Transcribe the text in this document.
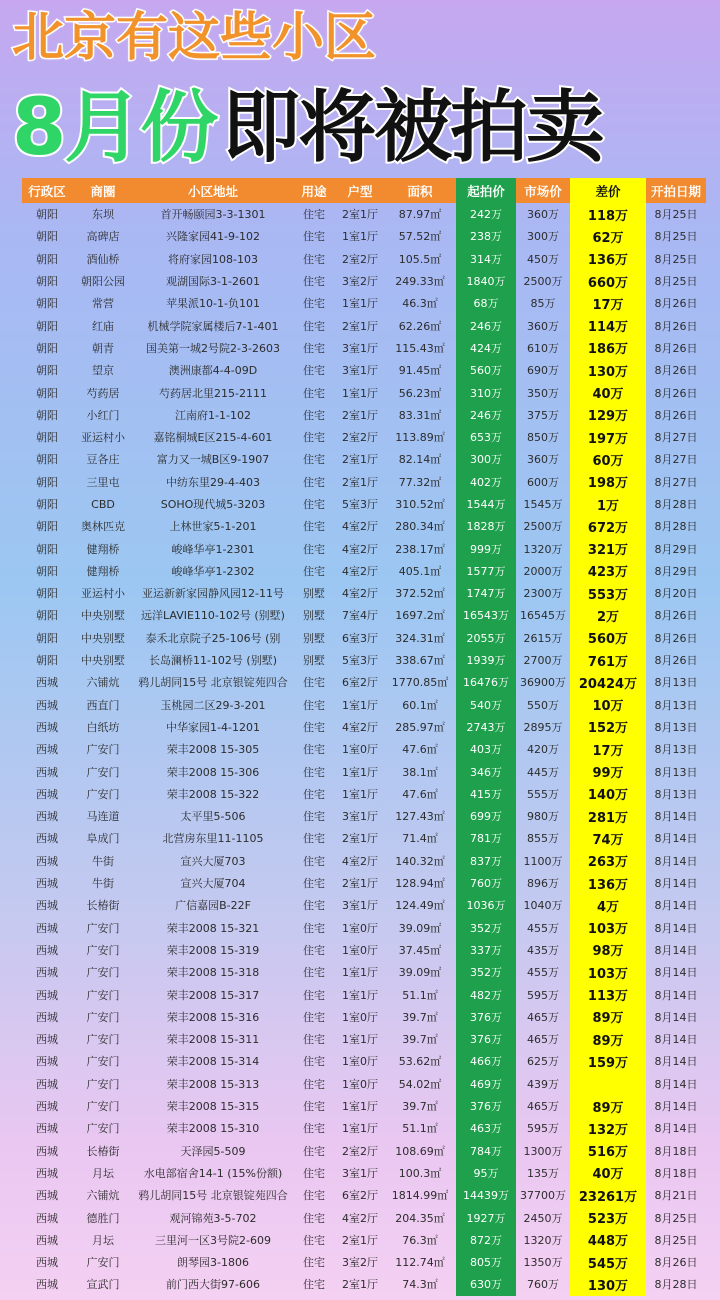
北京有这些小区
8月份 即将被拍卖
行政区	商圈	小区地址	用途	户型	面积	起拍价	市场价	差价	开拍日期
朝阳	东坝	首开畅颐园3-3-1301	住宅	2室1厅	87.97㎡	242万	360万	118万	8月25日
朝阳	高碑店	兴隆家园41-9-102	住宅	1室1厅	57.52㎡	238万	300万	62万	8月25日
朝阳	酒仙桥	将府家园108-103	住宅	2室2厅	105.5㎡	314万	450万	136万	8月25日
朝阳	朝阳公园	观湖国际3-1-2601	住宅	3室2厅	249.33㎡	1840万	2500万	660万	8月25日
朝阳	常营	苹果派10-1-负101	住宅	1室1厅	46.3㎡	68万	85万	17万	8月26日
朝阳	红庙	机械学院家属楼后7-1-401	住宅	2室1厅	62.26㎡	246万	360万	114万	8月26日
朝阳	朝青	国美第一城2号院2-3-2603	住宅	3室1厅	115.43㎡	424万	610万	186万	8月26日
朝阳	望京	澳洲康都4-4-09D	住宅	3室1厅	91.45㎡	560万	690万	130万	8月26日
朝阳	芍药居	芍药居北里215-2111	住宅	1室1厅	56.23㎡	310万	350万	40万	8月26日
朝阳	小红门	江南府1-1-102	住宅	2室1厅	83.31㎡	246万	375万	129万	8月26日
朝阳	亚运村小	嘉铭桐城E区215-4-601	住宅	2室2厅	113.89㎡	653万	850万	197万	8月27日
朝阳	豆各庄	富力又一城B区9-1907	住宅	2室1厅	82.14㎡	300万	360万	60万	8月27日
朝阳	三里屯	中纺东里29-4-403	住宅	2室1厅	77.32㎡	402万	600万	198万	8月27日
朝阳	CBD	SOHO现代城5-3203	住宅	5室3厅	310.52㎡	1544万	1545万	1万	8月28日
朝阳	奥林匹克	上林世家5-1-201	住宅	4室2厅	280.34㎡	1828万	2500万	672万	8月28日
朝阳	健翔桥	峻峰华亭1-2301	住宅	4室2厅	238.17㎡	999万	1320万	321万	8月29日
朝阳	健翔桥	峻峰华亭1-2302	住宅	4室2厅	405.1㎡	1577万	2000万	423万	8月29日
朝阳	亚运村小	亚运新新家园静风园12-11号	别墅	4室2厅	372.52㎡	1747万	2300万	553万	8月20日
朝阳	中央别墅	远洋LAVIE110-102号 (别墅)	别墅	7室4厅	1697.2㎡	16543万	16545万	2万	8月26日
朝阳	中央别墅	泰禾北京院子25-106号 (别	别墅	6室3厅	324.31㎡	2055万	2615万	560万	8月26日
朝阳	中央别墅	长岛澜桥11-102号 (别墅)	别墅	5室3厅	338.67㎡	1939万	2700万	761万	8月26日
西城	六铺炕	鸦儿胡同15号 北京银锭苑四合	住宅	6室2厅	1770.85㎡	16476万	36900万	20424万	8月13日
西城	西直门	玉桃园二区29-3-201	住宅	1室1厅	60.1㎡	540万	550万	10万	8月13日
西城	白纸坊	中华家园1-4-1201	住宅	4室2厅	285.97㎡	2743万	2895万	152万	8月13日
西城	广安门	荣丰2008 15-305	住宅	1室0厅	47.6㎡	403万	420万	17万	8月13日
西城	广安门	荣丰2008 15-306	住宅	1室1厅	38.1㎡	346万	445万	99万	8月13日
西城	广安门	荣丰2008 15-322	住宅	1室1厅	47.6㎡	415万	555万	140万	8月13日
西城	马连道	太平里5-506	住宅	3室1厅	127.43㎡	699万	980万	281万	8月14日
西城	阜成门	北营房东里11-1105	住宅	2室1厅	71.4㎡	781万	855万	74万	8月14日
西城	牛街	宣兴大厦703	住宅	4室2厅	140.32㎡	837万	1100万	263万	8月14日
西城	牛街	宣兴大厦704	住宅	2室1厅	128.94㎡	760万	896万	136万	8月14日
西城	长椿街	广信嘉园B-22F	住宅	3室1厅	124.49㎡	1036万	1040万	4万	8月14日
西城	广安门	荣丰2008 15-321	住宅	1室0厅	39.09㎡	352万	455万	103万	8月14日
西城	广安门	荣丰2008 15-319	住宅	1室0厅	37.45㎡	337万	435万	98万	8月14日
西城	广安门	荣丰2008 15-318	住宅	1室1厅	39.09㎡	352万	455万	103万	8月14日
西城	广安门	荣丰2008 15-317	住宅	1室1厅	51.1㎡	482万	595万	113万	8月14日
西城	广安门	荣丰2008 15-316	住宅	1室0厅	39.7㎡	376万	465万	89万	8月14日
西城	广安门	荣丰2008 15-311	住宅	1室1厅	39.7㎡	376万	465万	89万	8月14日
西城	广安门	荣丰2008 15-314	住宅	1室0厅	53.62㎡	466万	625万	159万	8月14日
西城	广安门	荣丰2008 15-313	住宅	1室0厅	54.02㎡	469万	439万		8月14日
西城	广安门	荣丰2008 15-315	住宅	1室1厅	39.7㎡	376万	465万	89万	8月14日
西城	广安门	荣丰2008 15-310	住宅	1室1厅	51.1㎡	463万	595万	132万	8月14日
西城	长椿街	天泽园5-509	住宅	2室2厅	108.69㎡	784万	1300万	516万	8月18日
西城	月坛	水电部宿舍14-1 (15%份额)	住宅	3室1厅	100.3㎡	95万	135万	40万	8月18日
西城	六铺炕	鸦儿胡同15号 北京银锭苑四合	住宅	6室2厅	1814.99㎡	14439万	37700万	23261万	8月21日
西城	德胜门	观河锦苑3-5-702	住宅	4室2厅	204.35㎡	1927万	2450万	523万	8月25日
西城	月坛	三里河一区3号院2-609	住宅	2室1厅	76.3㎡	872万	1320万	448万	8月25日
西城	广安门	朗琴园3-1806	住宅	3室2厅	112.74㎡	805万	1350万	545万	8月26日
西城	宣武门	前门西大街97-606	住宅	2室1厅	74.3㎡	630万	760万	130万	8月28日
